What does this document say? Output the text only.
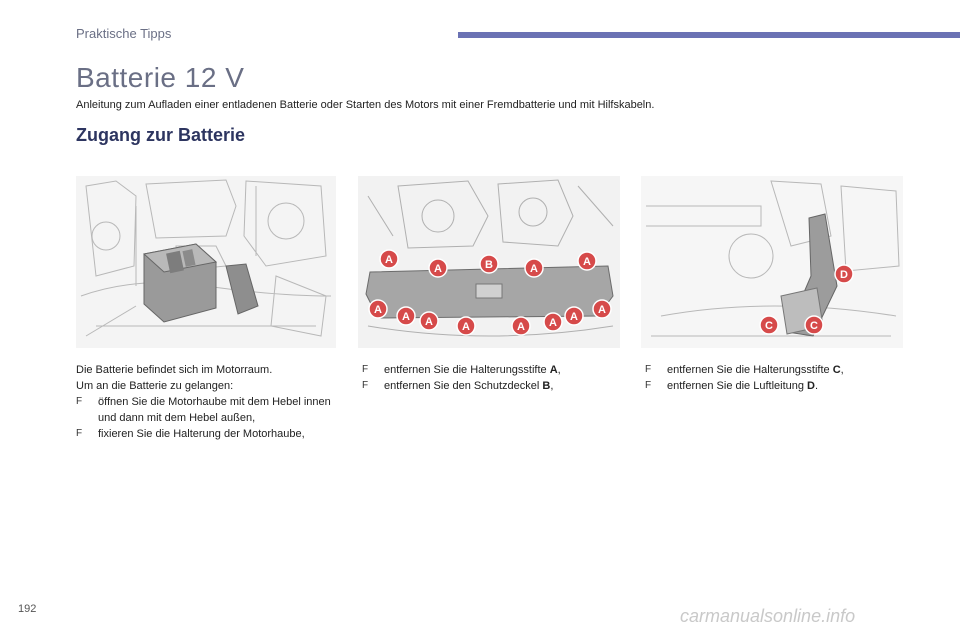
Praktische Tipps
Batterie 12 V
Anleitung zum Aufladen einer entladenen Batterie oder Starten des Motors mit einer Fremdbatterie und mit Hilfskabeln.
Zugang zur Batterie
A
A	B	A
A
A
A A	A	A A A
A
D
C	C
Die Batterie befindet sich im Motorraum.
Um an die Batterie zu gelangen:
F öffnen Sie die Motorhaube mit dem Hebel innen und dann mit dem Hebel außen,
F fixieren Sie die Halterung der Motorhaube,
F entfernen Sie die Halterungsstifte A,
F entfernen Sie den Schutzdeckel B,
F entfernen Sie die Halterungsstifte C,
F entfernen Sie die Luftleitung D.
192	carmanualsonline.info
